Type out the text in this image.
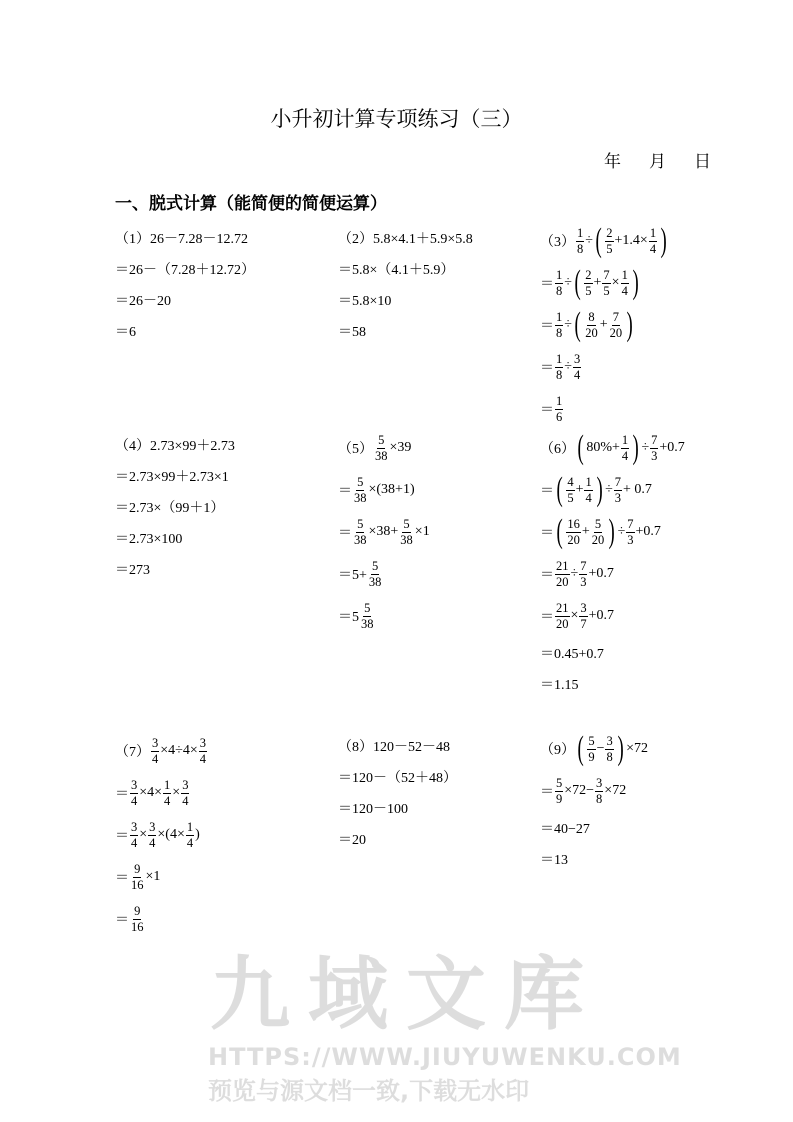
小升初计算专项练习（三）
年 月 日
一、脱式计算（能简便的简便运算）
（1）26－7.28－12.72
＝26－（7.28＋12.72）
＝26－20
＝6
（2）5.8×4.1＋5.9×5.8
＝5.8×（4.1＋5.9）
＝5.8×10
＝58
$(3) \frac{1}{8}$ ÷ ( $\frac{2}{5} +1.4\times \frac{1}{4}$ )
＝ $\frac{1}{8}$ ÷ ( $\frac{2}{5} + \frac{7}{5} \times \frac{1}{4}$ )
＝ $\frac{1}{8}$ ÷ ( $\frac{8}{20} + \frac{7}{20}$ )
＝ $\frac{1}{8} \div \frac{3}{4}$
＝ $\frac{1}{6}$
（4）2.73×99＋2.73
＝2.73×99＋2.73×1
＝2.73×（99＋1）
＝2.73×100
＝273
$(5) \frac{5}{38} \times 39$
＝ $\frac{5}{38} \times(38+1)$
＝ $\frac{5}{38} \times 38+ \frac{5}{38} \times 1$
$=5+ \frac{5}{38}$
$=5 \frac{5}{38}$
（6） ( $80\%+ \frac{1}{4}$ ) ÷ $\frac{7}{3} +0.7$
＝ ( $\frac{4}{5} + \frac{1}{4}$ ) ÷ $\frac{7}{3} + 0.7$
＝ ( $\frac{16}{20} + \frac{5}{20}$ ) ÷ $\frac{7}{3} +0.7$
＝ $\frac{21}{20} \div \frac{7}{3} +0.7$
＝ $\frac{21}{20} \times \frac{3}{7} +0.7$
＝0.45+0.7
＝1.15
$(7) \frac{3}{4} \times 4\div 4\times \frac{3}{4}$
＝ $\frac{3}{4} \times 4\times \frac{1}{4} \times \frac{3}{4}$
＝ $\frac{3}{4} \times \frac{3}{4} \times(4\times \frac{1}{4}$ )
＝ $\frac{9}{16} \times 1$
＝ $\frac{9}{16}$
（8）120－52－48
＝120－（52＋48）
＝120－100
＝20
（9） ( $\frac{5}{9} - \frac{3}{8}$ ) ×72
＝ $\frac{5}{9} \times 72- \frac{3}{8} \times 72$
＝40−27
＝13
九域文库
HTTPS://WWW.JIUYUWENKU.COM
预览与源文档一致,下载无水印
